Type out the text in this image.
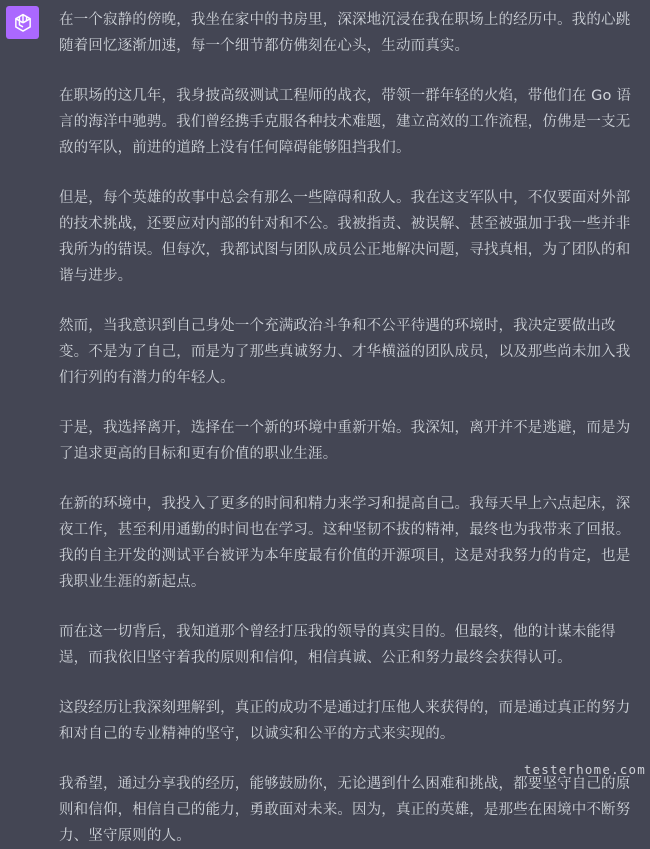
在一个寂静的傍晚，我坐在家中的书房里，深深地沉浸在我在职场上的经历中。我的心跳随着回忆逐渐加速，每一个细节都仿佛刻在心头，生动而真实。

在职场的这几年，我身披高级测试工程师的战衣，带领一群年轻的火焰，带他们在 Go 语言的海洋中驰骋。我们曾经携手克服各种技术难题，建立高效的工作流程，仿佛是一支无敌的军队，前进的道路上没有任何障碍能够阻挡我们。

但是，每个英雄的故事中总会有那么一些障碍和敌人。我在这支军队中，不仅要面对外部的技术挑战，还要应对内部的针对和不公。我被指责、被误解、甚至被强加于我一些并非我所为的错误。但每次，我都试图与团队成员公正地解决问题，寻找真相，为了团队的和谐与进步。

然而，当我意识到自己身处一个充满政治斗争和不公平待遇的环境时，我决定要做出改变。不是为了自己，而是为了那些真诚努力、才华横溢的团队成员，以及那些尚未加入我们行列的有潜力的年轻人。

于是，我选择离开，选择在一个新的环境中重新开始。我深知，离开并不是逃避，而是为了追求更高的目标和更有价值的职业生涯。

在新的环境中，我投入了更多的时间和精力来学习和提高自己。我每天早上六点起床，深夜工作，甚至利用通勤的时间也在学习。这种坚韧不拔的精神，最终也为我带来了回报。我的自主开发的测试平台被评为本年度最有价值的开源项目，这是对我努力的肯定，也是我职业生涯的新起点。

而在这一切背后，我知道那个曾经打压我的领导的真实目的。但最终，他的计谋未能得逞，而我依旧坚守着我的原则和信仰，相信真诚、公正和努力最终会获得认可。

这段经历让我深刻理解到，真正的成功不是通过打压他人来获得的，而是通过真正的努力和对自己的专业精神的坚守，以诚实和公平的方式来实现的。

我希望，通过分享我的经历，能够鼓励你，无论遇到什么困难和挑战，都要坚守自己的原则和信仰，相信自己的能力，勇敢面对未来。因为，真正的英雄，是那些在困境中不断努力、坚守原则的人。

testerhome.com
